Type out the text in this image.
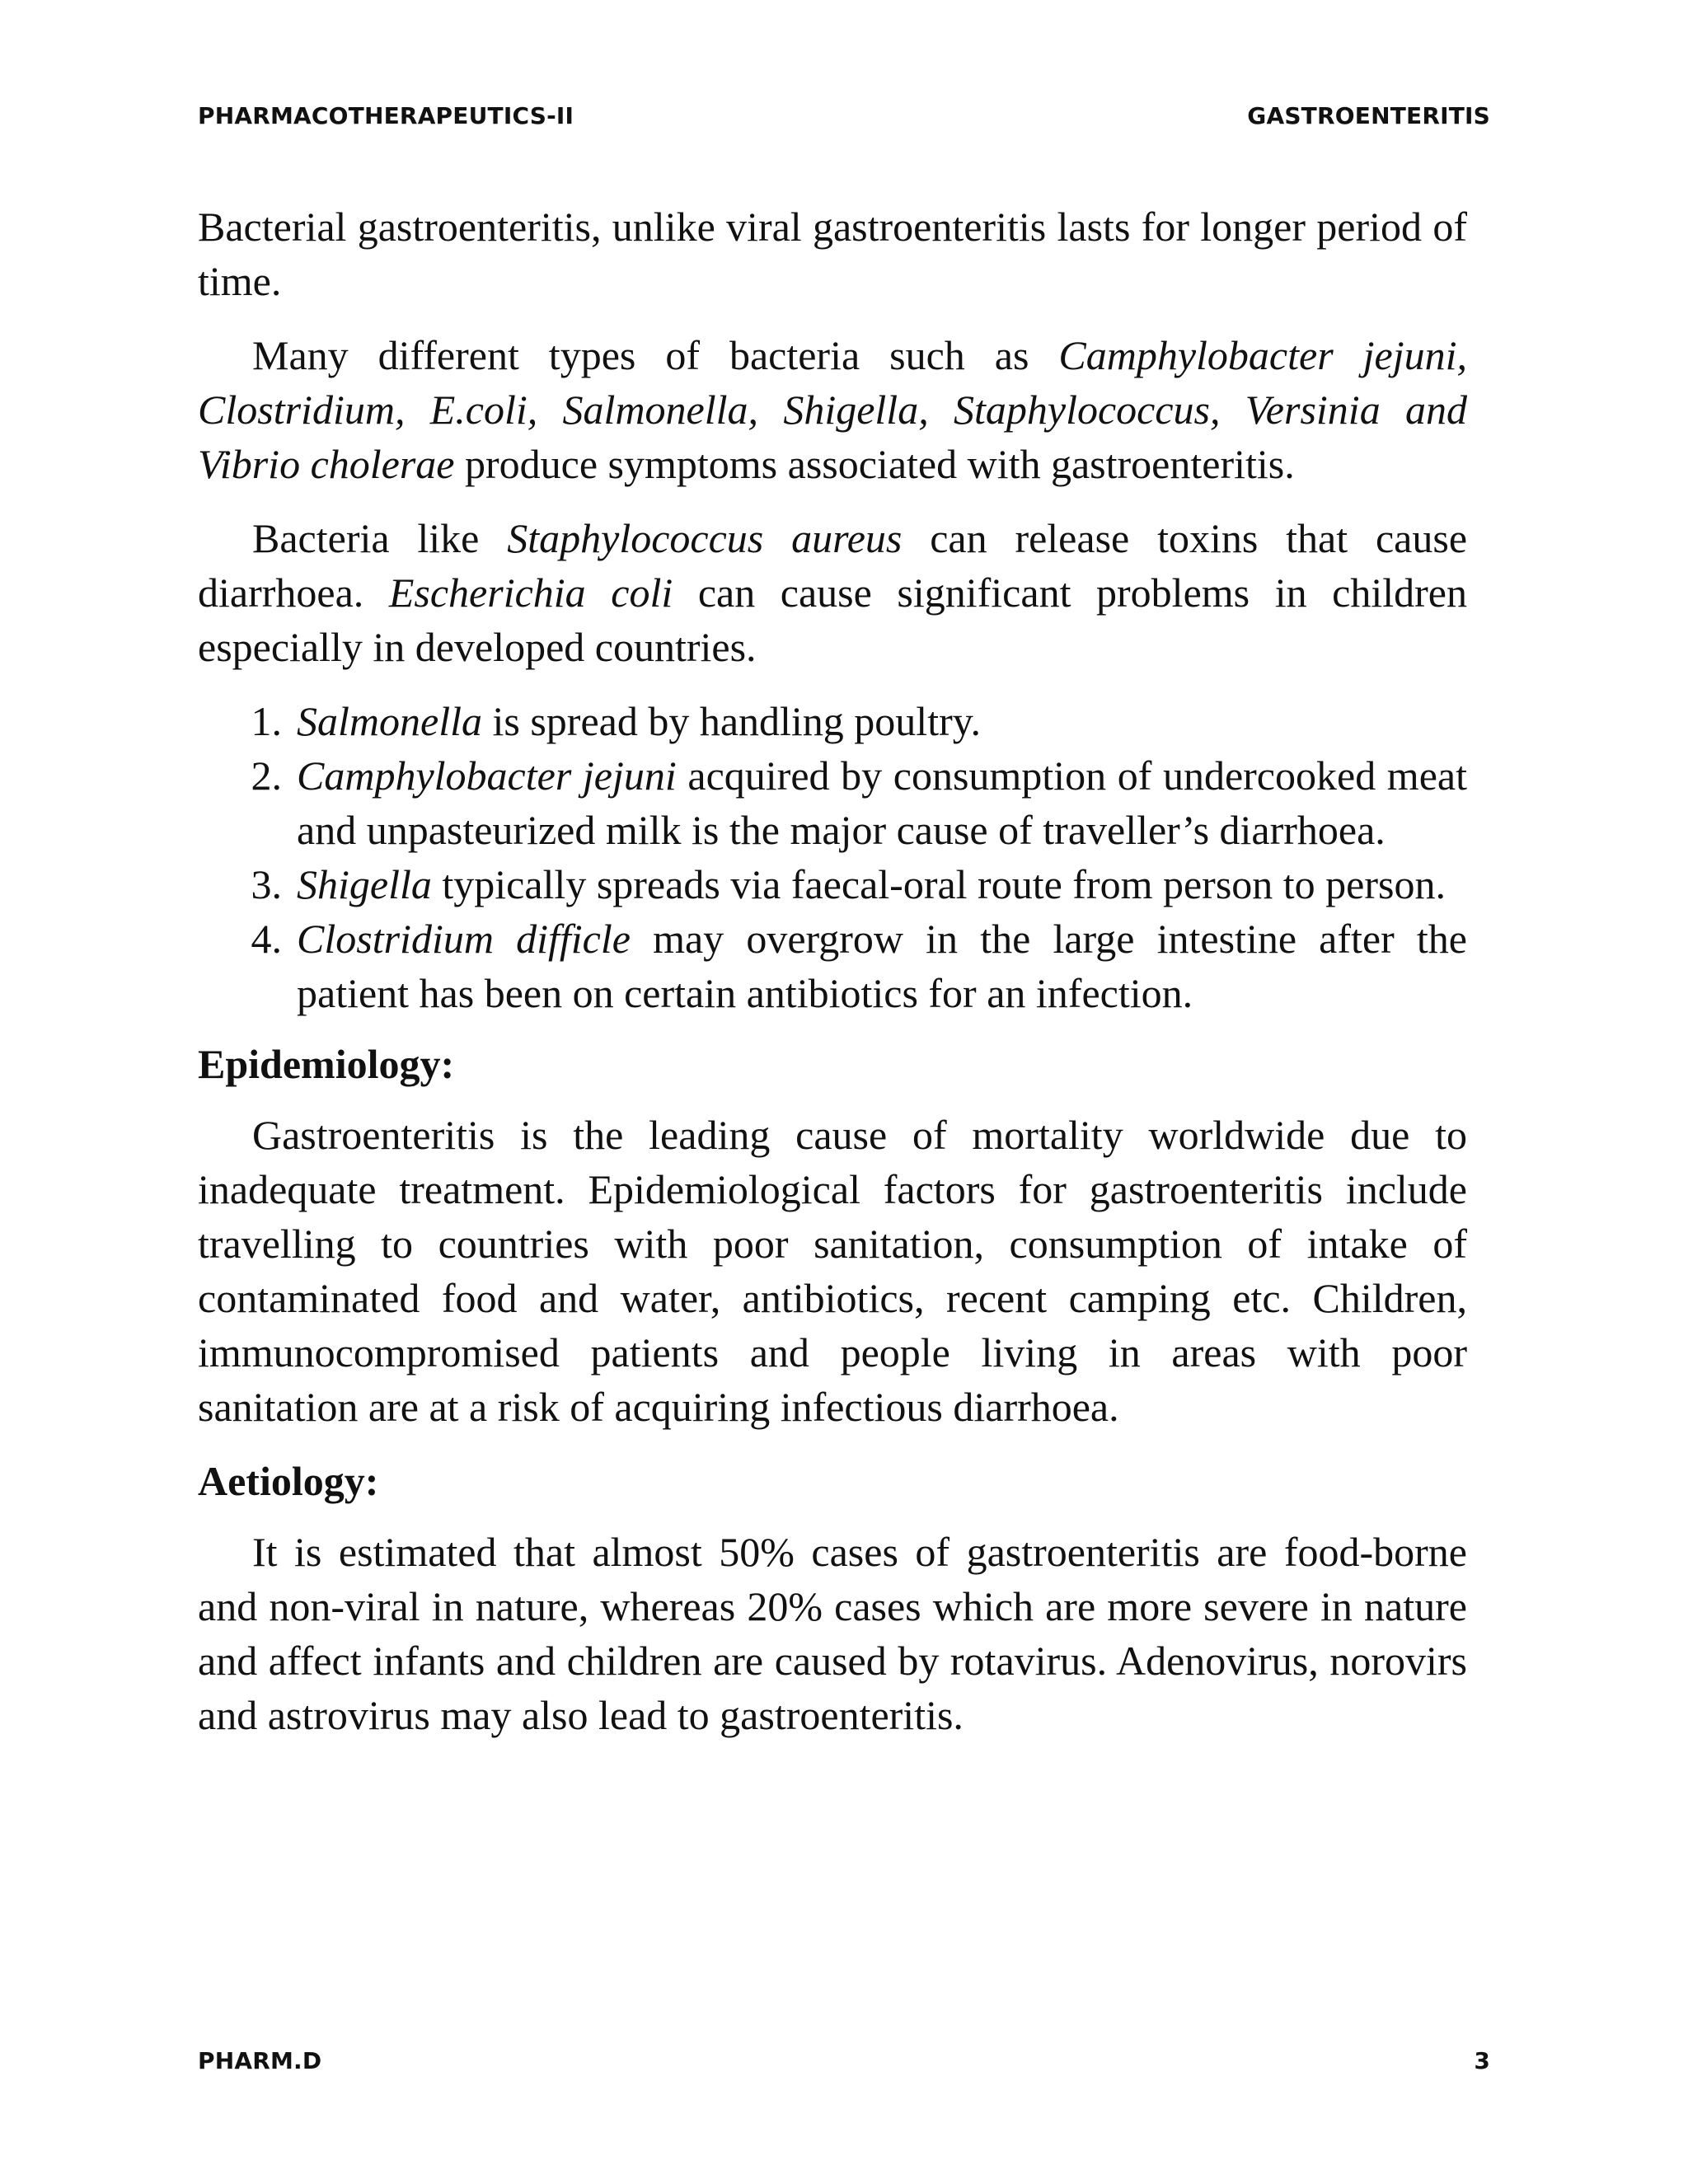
PHARMACOTHERAPEUTICS-II	GASTROENTERITIS

Bacterial gastroenteritis, unlike viral gastroenteritis lasts for longer period of time.

Many different types of bacteria such as Camphylobacter jejuni, Clostridium, E.coli, Salmonella, Shigella, Staphylococcus, Versinia and Vibrio cholerae produce symptoms associated with gastroenteritis.

Bacteria like Staphylococcus aureus can release toxins that cause diarrhoea. Escherichia coli can cause significant problems in children especially in developed countries.

1. Salmonella is spread by handling poultry.
2. Camphylobacter jejuni acquired by consumption of undercooked meat and unpasteurized milk is the major cause of traveller’s diarrhoea.
3. Shigella typically spreads via faecal-oral route from person to person.
4. Clostridium difficle may overgrow in the large intestine after the patient has been on certain antibiotics for an infection.
Epidemiology:

Gastroenteritis is the leading cause of mortality worldwide due to inadequate treatment. Epidemiological factors for gastroenteritis include travelling to countries with poor sanitation, consumption of intake of contaminated food and water, antibiotics, recent camping etc. Children, immunocompromised patients and people living in areas with poor sanitation are at a risk of acquiring infectious diarrhoea.

Aetiology:

It is estimated that almost 50% cases of gastroenteritis are food-borne and non-viral in nature, whereas 20% cases which are more severe in nature and affect infants and children are caused by rotavirus. Adenovirus, norovirs and astrovirus may also lead to gastroenteritis.

PHARM.D	3
